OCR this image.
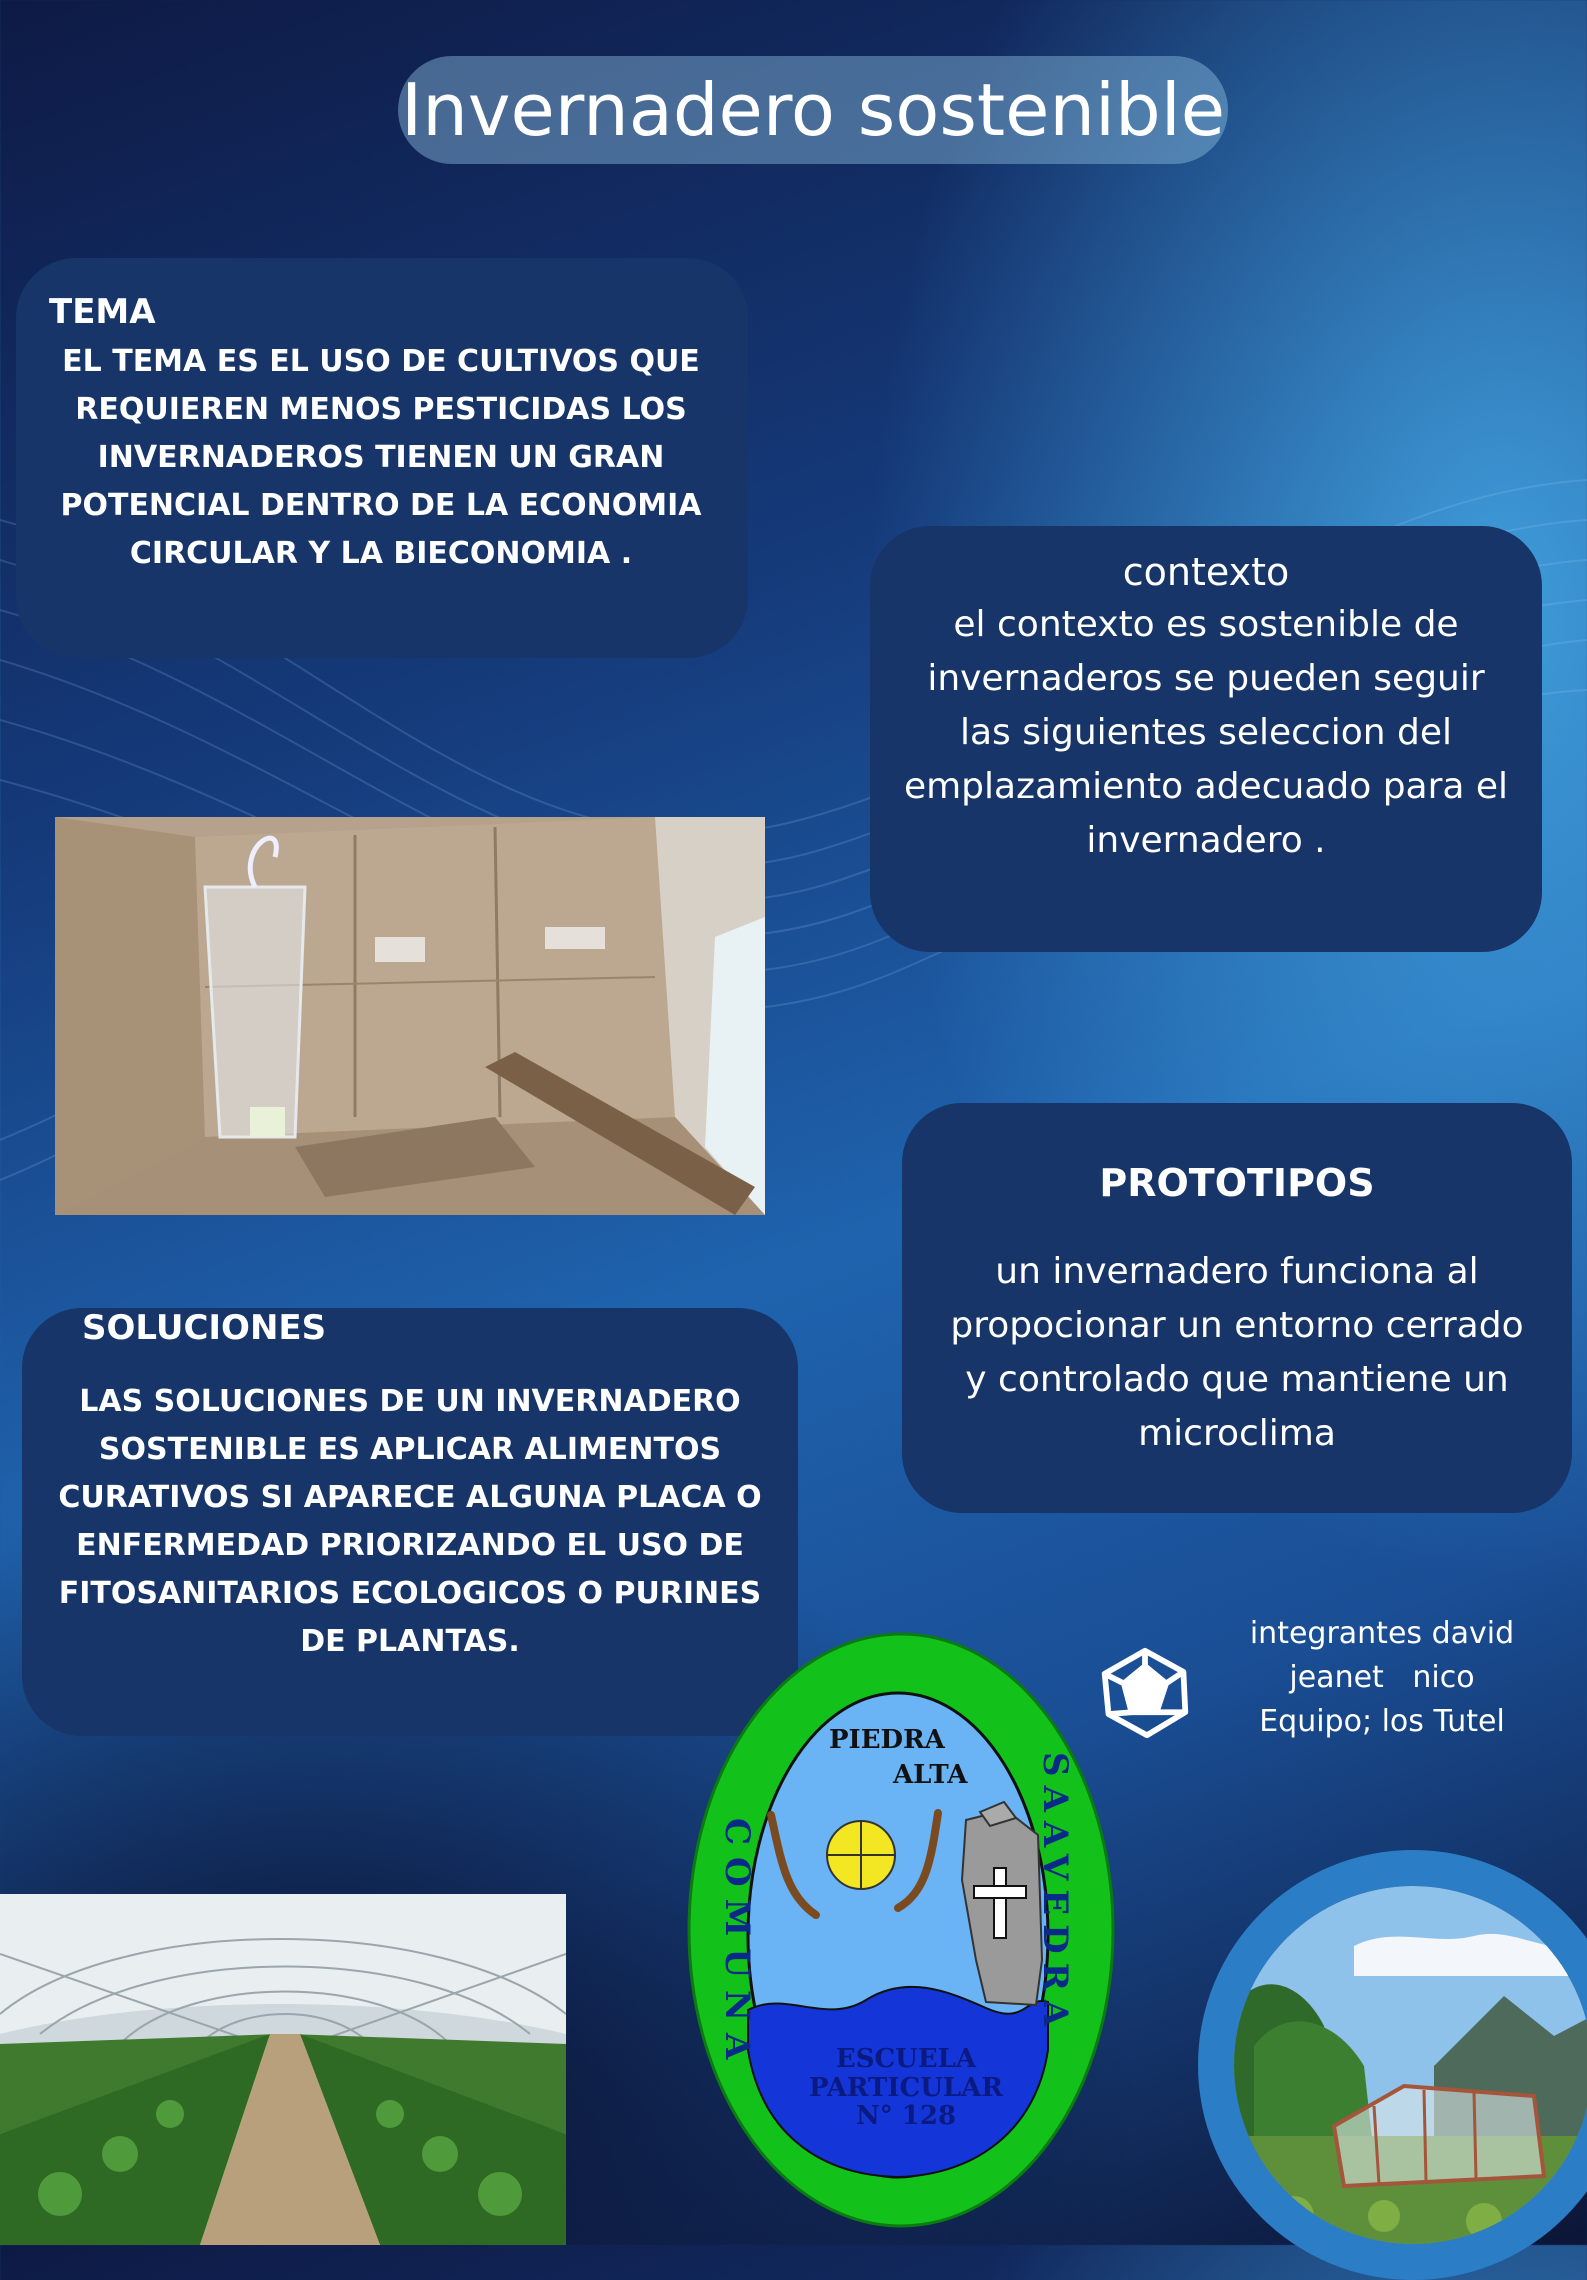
Invernadero sostenible
TEMA
EL TEMA ES EL USO DE CULTIVOS QUE REQUIEREN MENOS PESTICIDAS LOS INVERNADEROS TIENEN UN GRAN POTENCIAL DENTRO DE LA ECONOMIA CIRCULAR Y LA BIECONOMIA .	contexto
el contexto es sostenible de invernaderos se pueden seguir las siguientes seleccion del emplazamiento adecuado para el invernadero .
PROTOTIPOS
un invernadero funciona al propocionar un entorno cerrado y controlado que mantiene un microclima
SOLUCIONES
LAS SOLUCIONES DE UN INVERNADERO SOSTENIBLE ES APLICAR ALIMENTOS CURATIVOS SI APARECE ALGUNA PLACA O ENFERMEDAD PRIORIZANDO EL USO DE FITOSANITARIOS ECOLOGICOS O PURINES DE PLANTAS.	integrantes david
jeanet   nico
Equipo; los Tutel
PIEDRA
ALTA
COMUNA	SAAVEDRA
ESCUELA
PARTICULAR
N° 128
